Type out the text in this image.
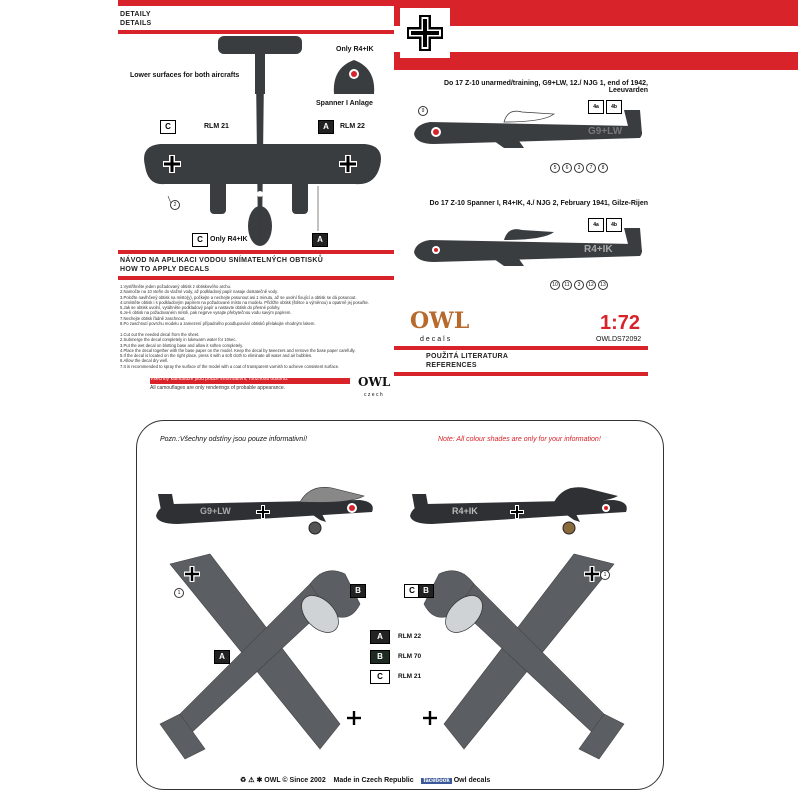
DETAILY
DETAILS
2
Lower surfaces for both aircrafts
Only R4+IK
Spanner I Anlage
C	RLM 21	A	RLM 22
C	Only R4+IK	A
NÁVOD NA APLIKACI VODOU SNÍMATELNÝCH OBTISKŮ
HOW TO APPLY DECALS
1.Vystřihněte jeden požadovaný obtisk z obtiskového archu.
2.Namočte na 10 vteřin do vlažné vody, až podkladový papír nasaje dostatečně vody.
3.Položte navlhčený obtisk na místo(y), počkejte a nechejte posunout asi 1 minutu, až se uvolní fixující a obtisk se dá posunout.
4.Umístěte obtisk i s podkladovým papírem na požadované místo na modelu. Přidržte obtisk (štětce a výměnou) a opatrně jej posuňte.
5.Jak se obtisk uvolní, vytáhněte podkladový papír a nastavte obtisk do přesné polohy.
6.Je-li obtisk na požadovaném místě, pak nejprve vysajte přebytečnou vodu savým papírem.
7.Nechejte obtisk řádně zaschnout.
8.Po zaschnutí povrchu modelu a zamezení případného poodlupování obtisků přelakujte vhodným lakem.
1.Cut out the needed decal from the sheet.
2.Submerge the decal completely in lukewarm water for 10sec.
3.Put the wet decal on blotting base and allow it soften completely.
4.Place the decal together with the base paper on the model. Keep the decal by tweezers and remove the base paper carefully.
5.If the decal is located on the right place, press it with a soft cloth to eliminate all water and air bubbles.
6.Allow the decal dry well.
7.It is recommended to spray the surface of the model with a coat of transparent varnish to achieve consistent surface.
Všechny kamufláže jsou pouze informativní, možnosti odstínů.
All camouflages are only renderings of probable appearance.	OWL
c z e c h
Do 17 Z-10 unarmed/training, G9+LW, 12./ NJG 1, end of 1942,
Leeuvarden
Do 17 Z-10 Spanner I, R4+IK, 4./ NJG 2, February 1941, Gilze-Rijen
G9+LW
4a	4b
9
5	6	3	7	8
R4+IK
4a	4b
10	11	3	12	13
OWL
decals
1:72
OWLDS72092
POUŽITÁ LITERATURA
REFERENCES
Pozn.:Všechny odstíny jsou pouze informativní!	Note: All colour shades are only for your information!
G9+LW	R4+IK
1
A
B
1
C	B
A	RLM 22
B	RLM 70
C	RLM 21
♻ ⚠ ✱ OWL © Since 2002 Made in Czech Republic facebook Owl decals
